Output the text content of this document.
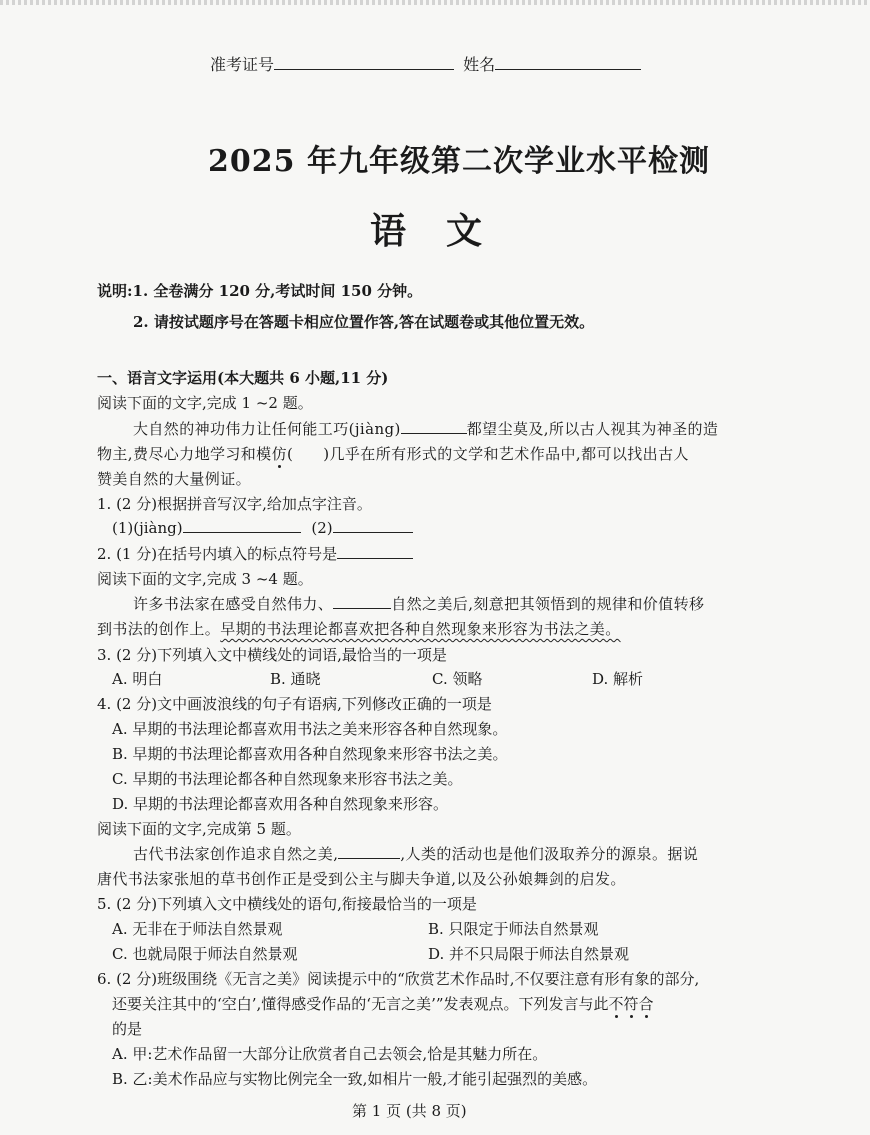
准考证号	姓名
2025 年九年级第二次学业水平检测
语文
说明:1. 全卷满分 120 分,考试时间 150 分钟。
2. 请按试题序号在答题卡相应位置作答,答在试题卷或其他位置无效。
一、语言文字运用(本大题共 6 小题,11 分)
阅读下面的文字,完成 1 ~2 题。
大自然的神功伟力让任何能工巧(jiàng)	都望尘莫及,所以古人视其为神圣的造
物主,费尽心力地学习和模仿( )几乎在所有形式的文学和艺术作品中,都可以找出古人
赞美自然的大量例证。
1. (2 分)根据拼音写汉字,给加点字注音。
(1)(jiàng)	(2)
2. (1 分)在括号内填入的标点符号是
阅读下面的文字,完成 3 ~4 题。
许多书法家在感受自然伟力、	自然之美后,刻意把其领悟到的规律和价值转移
到书法的创作上。早期的书法理论都喜欢把各种自然现象来形容为书法之美。
3. (2 分)下列填入文中横线处的词语,最恰当的一项是
A. 明白	B. 通晓	C. 领略	D. 解析
4. (2 分)文中画波浪线的句子有语病,下列修改正确的一项是
A. 早期的书法理论都喜欢用书法之美来形容各种自然现象。
B. 早期的书法理论都喜欢用各种自然现象来形容书法之美。
C. 早期的书法理论都各种自然现象来形容书法之美。
D. 早期的书法理论都喜欢用各种自然现象来形容。
阅读下面的文字,完成第 5 题。
古代书法家创作追求自然之美,	,人类的活动也是他们汲取养分的源泉。据说
唐代书法家张旭的草书创作正是受到公主与脚夫争道,以及公孙娘舞剑的启发。
5. (2 分)下列填入文中横线处的语句,衔接最恰当的一项是
A. 无非在于师法自然景观	B. 只限定于师法自然景观
C. 也就局限于师法自然景观	D. 并不只局限于师法自然景观
6. (2 分)班级围绕《无言之美》阅读提示中的“欣赏艺术作品时,不仅要注意有形有象的部分,
还要关注其中的‘空白’,懂得感受作品的‘无言之美’”发表观点。下列发言与此不符合
的是
A. 甲:艺术作品留一大部分让欣赏者自己去领会,恰是其魅力所在。
B. 乙:美术作品应与实物比例完全一致,如相片一般,才能引起强烈的美感。
第 1 页 (共 8 页)
